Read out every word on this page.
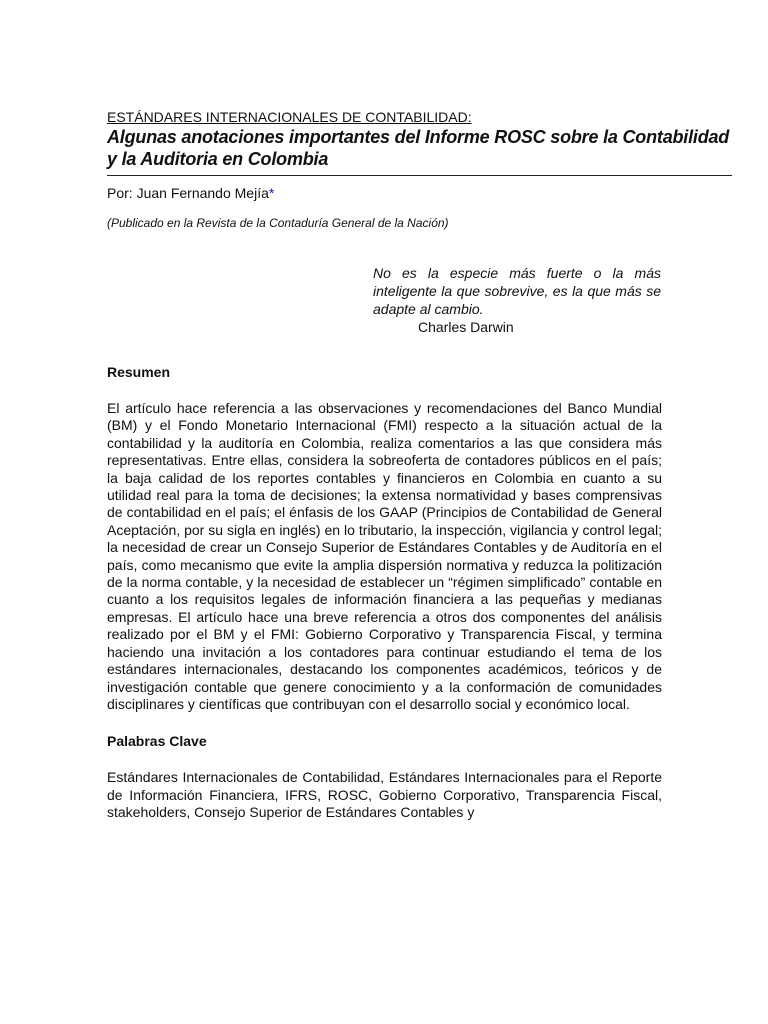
ESTÁNDARES INTERNACIONALES DE CONTABILIDAD:

Algunas anotaciones importantes del Informe ROSC sobre la Contabilidad y la Auditoria en Colombia

Por: Juan Fernando Mejía*

(Publicado en la Revista de la Contaduría General de la Nación)

No es la especie más fuerte o la más inteligente la que sobrevive, es la que más se adapte al cambio.

Charles Darwin

Resumen

El artículo hace referencia a las observaciones y recomendaciones del Banco Mundial (BM) y el Fondo Monetario Internacional (FMI) respecto a la situación actual de la contabilidad y la auditoría en Colombia, realiza comentarios a las que considera más representativas. Entre ellas, considera la sobreoferta de contadores públicos en el país; la baja calidad de los reportes contables y financieros en Colombia en cuanto a su utilidad real para la toma de decisiones; la extensa normatividad y bases comprensivas de contabilidad en el país; el énfasis de los GAAP (Principios de Contabilidad de General Aceptación, por su sigla en inglés) en lo tributario, la inspección, vigilancia y control legal; la necesidad de crear un Consejo Superior de Estándares Contables y de Auditoría en el país, como mecanismo que evite la amplia dispersión normativa y reduzca la politización de la norma contable, y la necesidad de establecer un “régimen simplificado” contable en cuanto a los requisitos legales de información financiera a las pequeñas y medianas empresas. El artículo hace una breve referencia a otros dos componentes del análisis realizado por el BM y el FMI: Gobierno Corporativo y Transparencia Fiscal, y termina haciendo una invitación a los contadores para continuar estudiando el tema de los estándares internacionales, destacando los componentes académicos, teóricos y de investigación contable que genere conocimiento y a la conformación de comunidades disciplinares y científicas que contribuyan con el desarrollo social y económico local.

Palabras Clave

Estándares Internacionales de Contabilidad, Estándares Internacionales para el Reporte de Información Financiera, IFRS, ROSC, Gobierno Corporativo, Transparencia Fiscal, stakeholders, Consejo Superior de Estándares Contables y
